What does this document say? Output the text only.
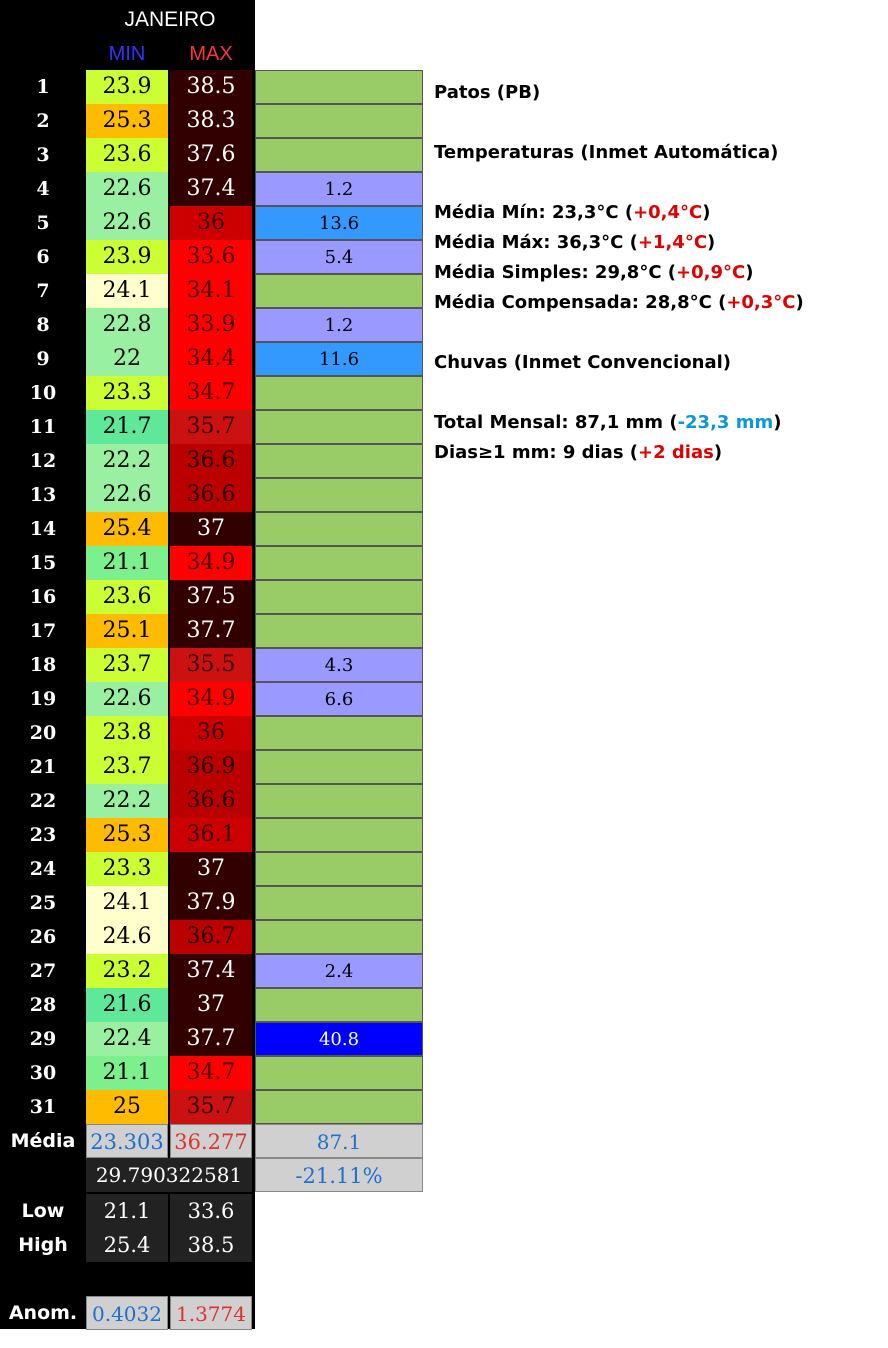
JANEIRO
MIN	MAX
1	23.9	38.5
2	25.3	38.3
3	23.6	37.6
4	22.6	37.4	1.2
5	22.6	36	13.6
6	23.9	33.6	5.4
7	24.1	34.1
8	22.8	33.9	1.2
9	22	34.4	11.6
10	23.3	34.7
11	21.7	35.7
12	22.2	36.6
13	22.6	36.6
14	25.4	37
15	21.1	34.9
16	23.6	37.5
17	25.1	37.7
18	23.7	35.5	4.3
19	22.6	34.9	6.6
20	23.8	36
21	23.7	36.9
22	22.2	36.6
23	25.3	36.1
24	23.3	37
25	24.1	37.9
26	24.6	36.7
27	23.2	37.4	2.4
28	21.6	37
29	22.4	37.7	40.8
30	21.1	34.7
31	25	35.7
Média 23.303 36.277	87.1
29.790322581	-21.11%
Low	21.1	33.6
High	25.4	38.5
Anom. 0.4032 1.3774
Patos (PB)
Temperaturas (Inmet Automática)
Média Mín: 23,3°C (+0,4°C)
Média Máx: 36,3°C (+1,4°C)
Média Simples: 29,8°C (+0,9°C)
Média Compensada: 28,8°C (+0,3°C)
Chuvas (Inmet Convencional)
Total Mensal: 87,1 mm (-23,3 mm)
Dias≥1 mm: 9 dias (+2 dias)
